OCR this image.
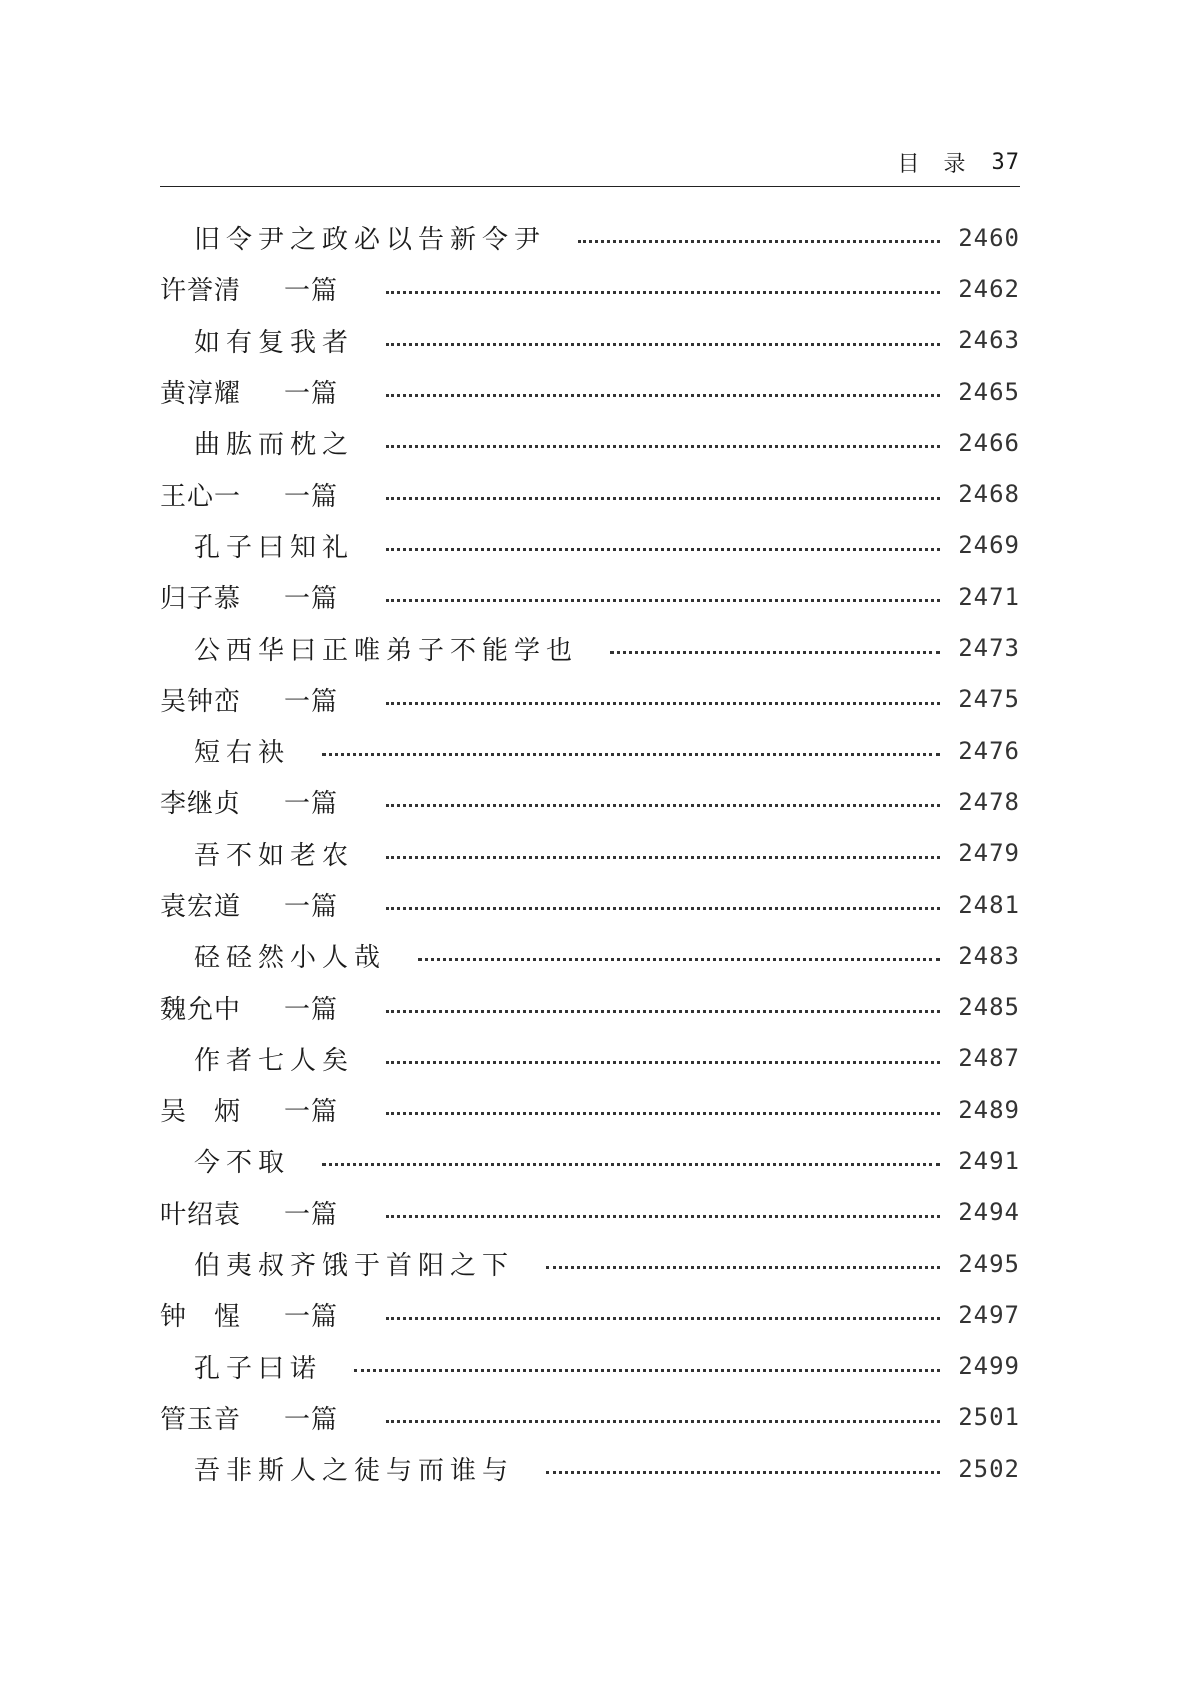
目录 37
旧令尹之政必以告新令尹	2460
许誉清 一篇	2462
如有复我者	2463
黄淳耀 一篇	2465
曲肱而枕之	2466
王心一 一篇	2468
孔子曰知礼	2469
归子慕 一篇	2471
公西华曰正唯弟子不能学也	2473
吴钟峦 一篇	2475
短右袂	2476
李继贞 一篇	2478
吾不如老农	2479
袁宏道 一篇	2481
硁硁然小人哉	2483
魏允中 一篇	2485
作者七人矣	2487
吴　炳 一篇	2489
今不取	2491
叶绍袁 一篇	2494
伯夷叔齐饿于首阳之下	2495
钟　惺 一篇	2497
孔子曰诺	2499
管玉音 一篇	2501
吾非斯人之徒与而谁与	2502
